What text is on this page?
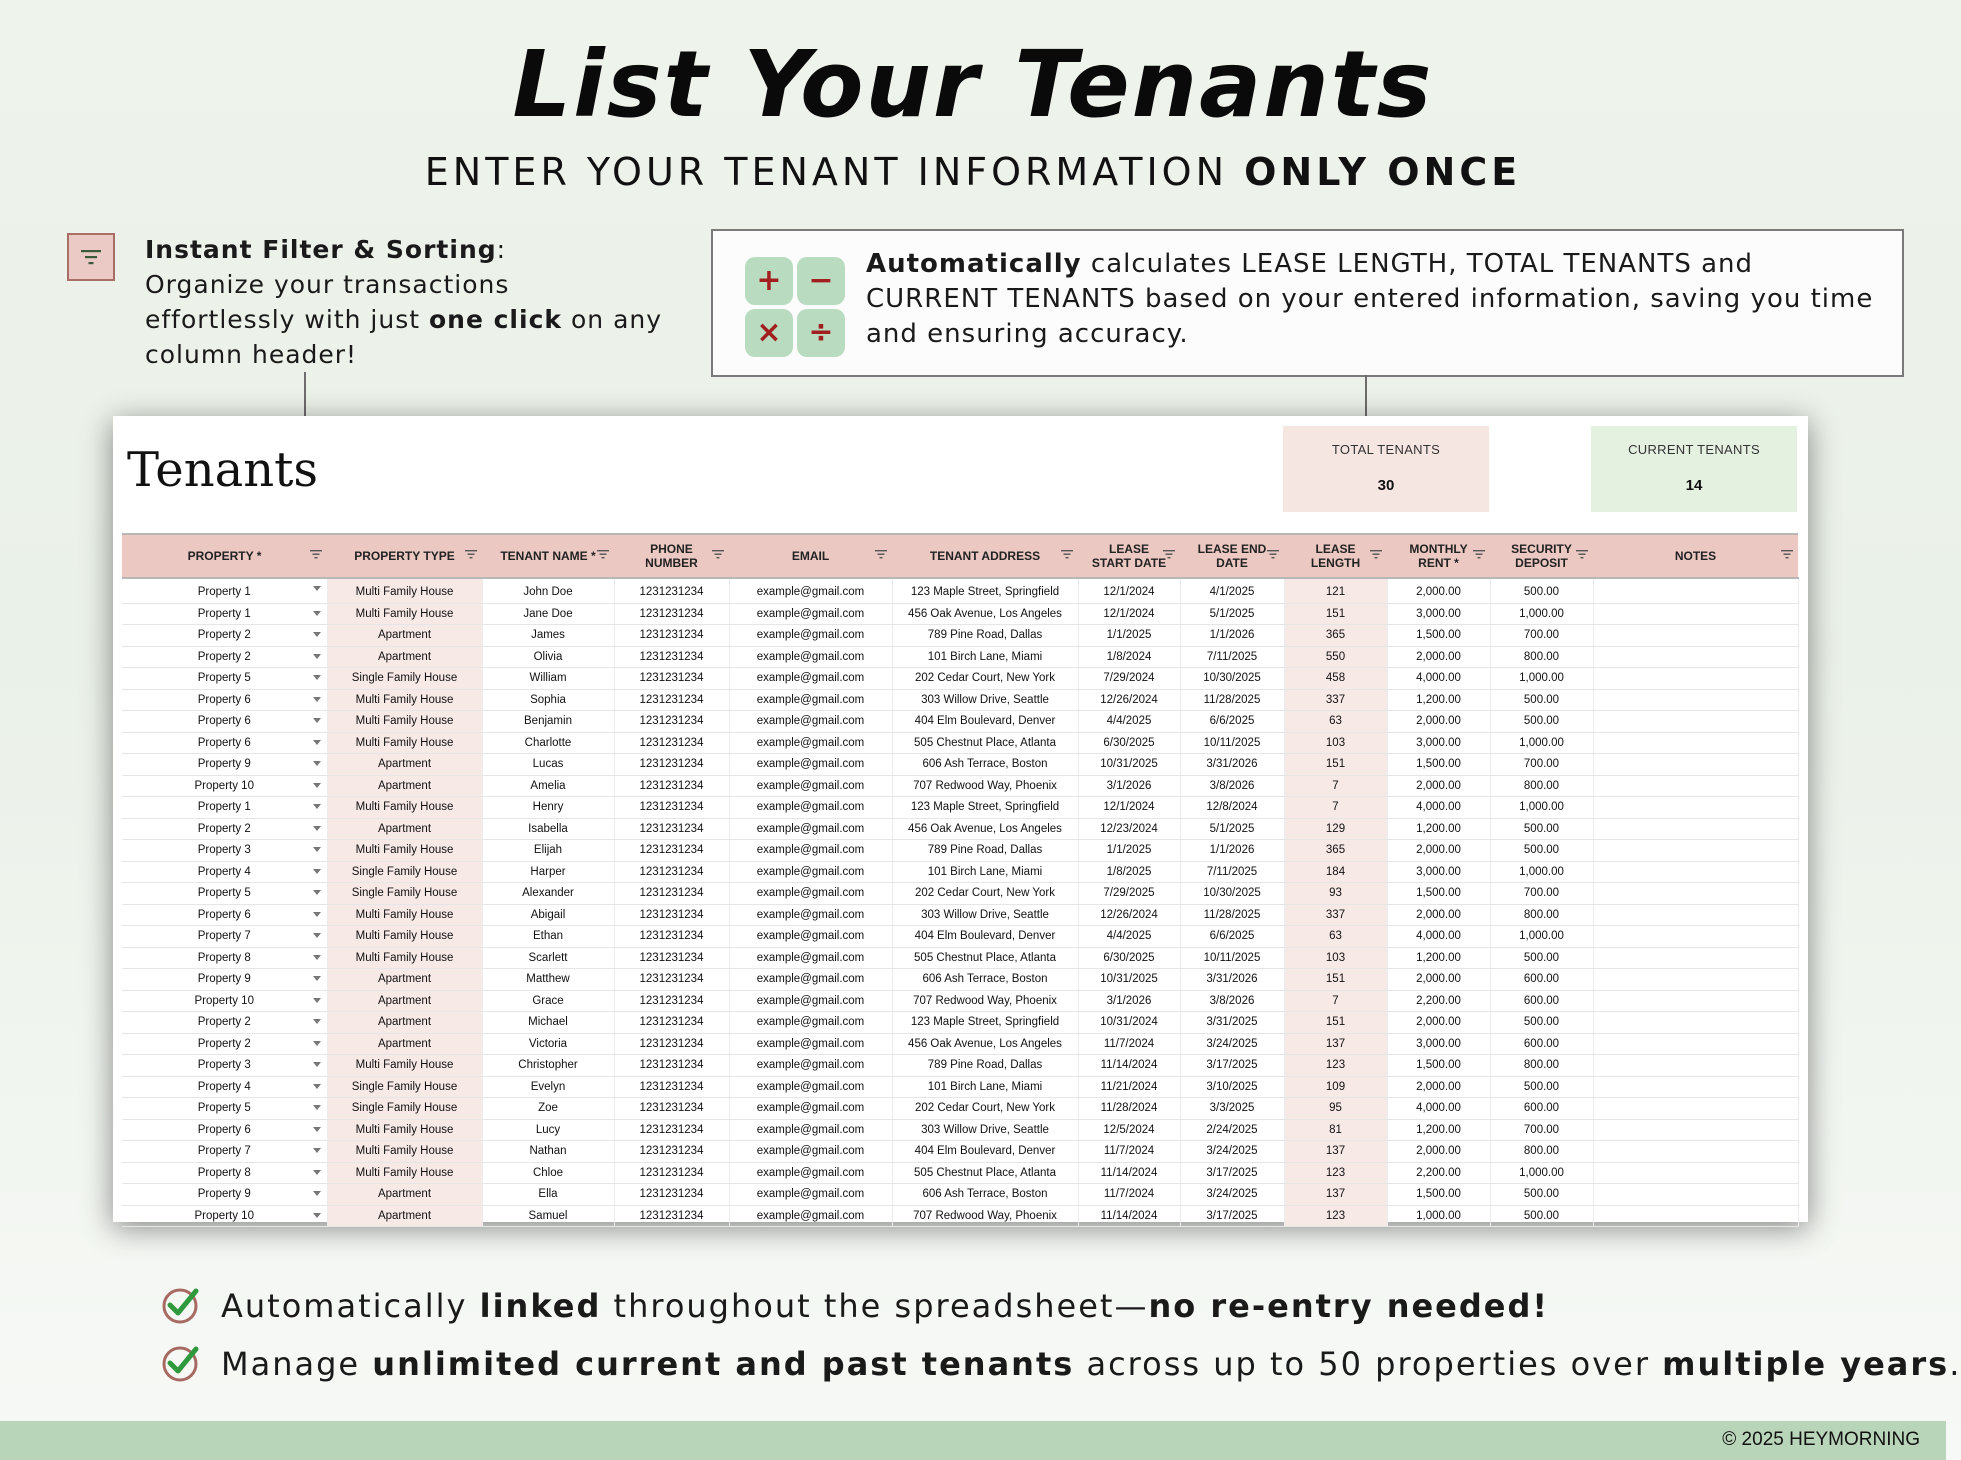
List Your Tenants
ENTER YOUR TENANT INFORMATION ONLY ONCE
Instant Filter & Sorting:
Organize your transactions
effortlessly with just one click on any
column header!
+ −
× ÷
Automatically calculates LEASE LENGTH, TOTAL TENANTS and CURRENT TENANTS based on your entered information, saving you time and ensuring accuracy.
Tenants	TOTAL TENANTS
30
CURRENT TENANTS
14
PROPERTY *	PROPERTY TYPE	TENANT NAME *	PHONE NUMBER	EMAIL	TENANT ADDRESS	LEASE START DATE	LEASE END DATE	LEASE LENGTH	MONTHLY RENT *	SECURITY DEPOSIT	NOTES

Property 1	Multi Family House	John Doe	1231231234	example@gmail.com	123 Maple Street, Springfield	12/1/2024	4/1/2025	121	2,000.00	500.00	
Property 1	Multi Family House	Jane Doe	1231231234	example@gmail.com	456 Oak Avenue, Los Angeles	12/1/2024	5/1/2025	151	3,000.00	1,000.00	
Property 2	Apartment	James	1231231234	example@gmail.com	789 Pine Road, Dallas	1/1/2025	1/1/2026	365	1,500.00	700.00	
Property 2	Apartment	Olivia	1231231234	example@gmail.com	101 Birch Lane, Miami	1/8/2024	7/11/2025	550	2,000.00	800.00	
Property 5	Single Family House	William	1231231234	example@gmail.com	202 Cedar Court, New York	7/29/2024	10/30/2025	458	4,000.00	1,000.00	
Property 6	Multi Family House	Sophia	1231231234	example@gmail.com	303 Willow Drive, Seattle	12/26/2024	11/28/2025	337	1,200.00	500.00	
Property 6	Multi Family House	Benjamin	1231231234	example@gmail.com	404 Elm Boulevard, Denver	4/4/2025	6/6/2025	63	2,000.00	500.00	
Property 6	Multi Family House	Charlotte	1231231234	example@gmail.com	505 Chestnut Place, Atlanta	6/30/2025	10/11/2025	103	3,000.00	1,000.00	
Property 9	Apartment	Lucas	1231231234	example@gmail.com	606 Ash Terrace, Boston	10/31/2025	3/31/2026	151	1,500.00	700.00	
Property 10	Apartment	Amelia	1231231234	example@gmail.com	707 Redwood Way, Phoenix	3/1/2026	3/8/2026	7	2,000.00	800.00	
Property 1	Multi Family House	Henry	1231231234	example@gmail.com	123 Maple Street, Springfield	12/1/2024	12/8/2024	7	4,000.00	1,000.00	
Property 2	Apartment	Isabella	1231231234	example@gmail.com	456 Oak Avenue, Los Angeles	12/23/2024	5/1/2025	129	1,200.00	500.00	
Property 3	Multi Family House	Elijah	1231231234	example@gmail.com	789 Pine Road, Dallas	1/1/2025	1/1/2026	365	2,000.00	500.00	
Property 4	Single Family House	Harper	1231231234	example@gmail.com	101 Birch Lane, Miami	1/8/2025	7/11/2025	184	3,000.00	1,000.00	
Property 5	Single Family House	Alexander	1231231234	example@gmail.com	202 Cedar Court, New York	7/29/2025	10/30/2025	93	1,500.00	700.00	
Property 6	Multi Family House	Abigail	1231231234	example@gmail.com	303 Willow Drive, Seattle	12/26/2024	11/28/2025	337	2,000.00	800.00	
Property 7	Multi Family House	Ethan	1231231234	example@gmail.com	404 Elm Boulevard, Denver	4/4/2025	6/6/2025	63	4,000.00	1,000.00	
Property 8	Multi Family House	Scarlett	1231231234	example@gmail.com	505 Chestnut Place, Atlanta	6/30/2025	10/11/2025	103	1,200.00	500.00	
Property 9	Apartment	Matthew	1231231234	example@gmail.com	606 Ash Terrace, Boston	10/31/2025	3/31/2026	151	2,000.00	600.00	
Property 10	Apartment	Grace	1231231234	example@gmail.com	707 Redwood Way, Phoenix	3/1/2026	3/8/2026	7	2,200.00	600.00	
Property 2	Apartment	Michael	1231231234	example@gmail.com	123 Maple Street, Springfield	10/31/2024	3/31/2025	151	2,000.00	500.00	
Property 2	Apartment	Victoria	1231231234	example@gmail.com	456 Oak Avenue, Los Angeles	11/7/2024	3/24/2025	137	3,000.00	600.00	
Property 3	Multi Family House	Christopher	1231231234	example@gmail.com	789 Pine Road, Dallas	11/14/2024	3/17/2025	123	1,500.00	800.00	
Property 4	Single Family House	Evelyn	1231231234	example@gmail.com	101 Birch Lane, Miami	11/21/2024	3/10/2025	109	2,000.00	500.00	
Property 5	Single Family House	Zoe	1231231234	example@gmail.com	202 Cedar Court, New York	11/28/2024	3/3/2025	95	4,000.00	600.00	
Property 6	Multi Family House	Lucy	1231231234	example@gmail.com	303 Willow Drive, Seattle	12/5/2024	2/24/2025	81	1,200.00	700.00	
Property 7	Multi Family House	Nathan	1231231234	example@gmail.com	404 Elm Boulevard, Denver	11/7/2024	3/24/2025	137	2,000.00	800.00	
Property 8	Multi Family House	Chloe	1231231234	example@gmail.com	505 Chestnut Place, Atlanta	11/14/2024	3/17/2025	123	2,200.00	1,000.00	
Property 9	Apartment	Ella	1231231234	example@gmail.com	606 Ash Terrace, Boston	11/7/2024	3/24/2025	137	1,500.00	500.00	
Property 10	Apartment	Samuel	1231231234	example@gmail.com	707 Redwood Way, Phoenix	11/14/2024	3/17/2025	123	1,000.00	500.00	
Automatically linked throughout the spreadsheet—no re-entry needed!
Manage unlimited current and past tenants across up to 50 properties over multiple years.
© 2025 HEYMORNING
